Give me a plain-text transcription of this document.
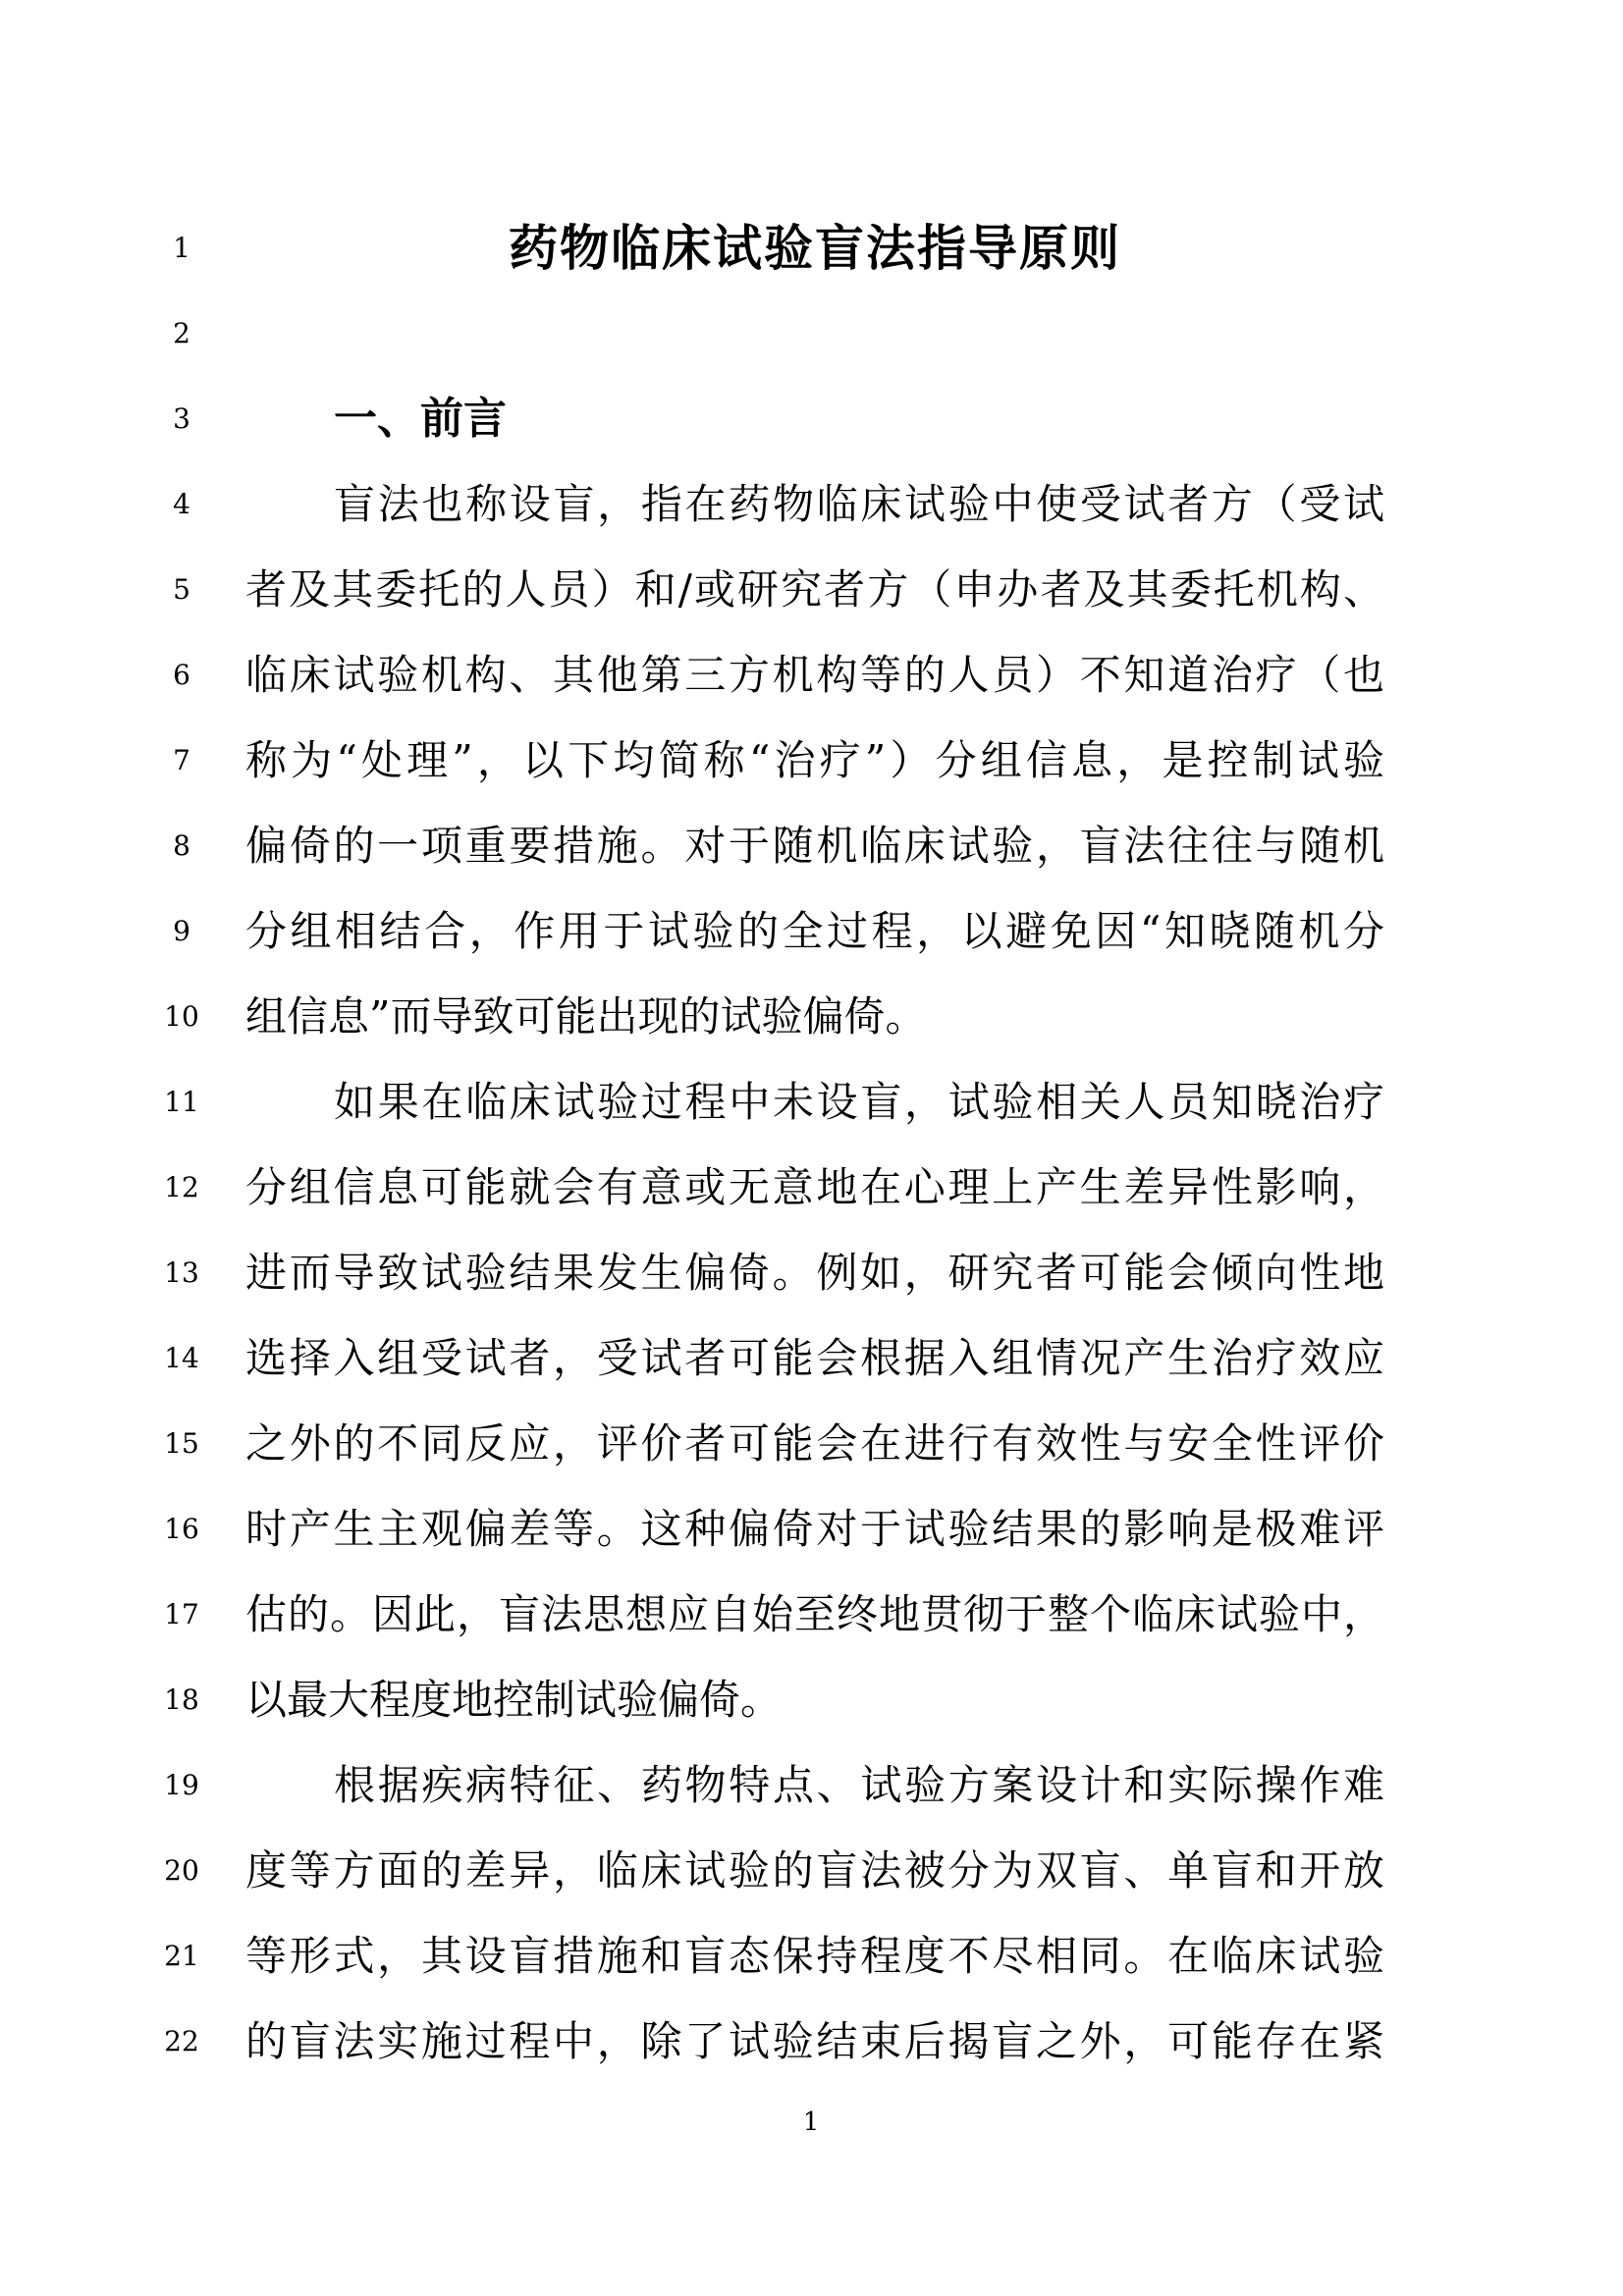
1
2
3
4
5
6
7
8
9
10
11
12
13
14
15
16
17
18
19
20
21
22
药物临床试验盲法指导原则
一、前言
盲法也称设盲，指在药物临床试验中使受试者方（受试
者及其委托的人员）和/或研究者方（申办者及其委托机构、
临床试验机构、其他第三方机构等的人员）不知道治疗（也
称为“处理”，以下均简称“治疗”）分组信息，是控制试验
偏倚的一项重要措施。对于随机临床试验，盲法往往与随机
分组相结合，作用于试验的全过程，以避免因“知晓随机分
组信息”而导致可能出现的试验偏倚。
如果在临床试验过程中未设盲，试验相关人员知晓治疗
分组信息可能就会有意或无意地在心理上产生差异性影响，
进而导致试验结果发生偏倚。例如，研究者可能会倾向性地
选择入组受试者，受试者可能会根据入组情况产生治疗效应
之外的不同反应，评价者可能会在进行有效性与安全性评价
时产生主观偏差等。这种偏倚对于试验结果的影响是极难评
估的。因此，盲法思想应自始至终地贯彻于整个临床试验中，
以最大程度地控制试验偏倚。
根据疾病特征、药物特点、试验方案设计和实际操作难
度等方面的差异，临床试验的盲法被分为双盲、单盲和开放
等形式，其设盲措施和盲态保持程度不尽相同。在临床试验
的盲法实施过程中，除了试验结束后揭盲之外，可能存在紧
1
